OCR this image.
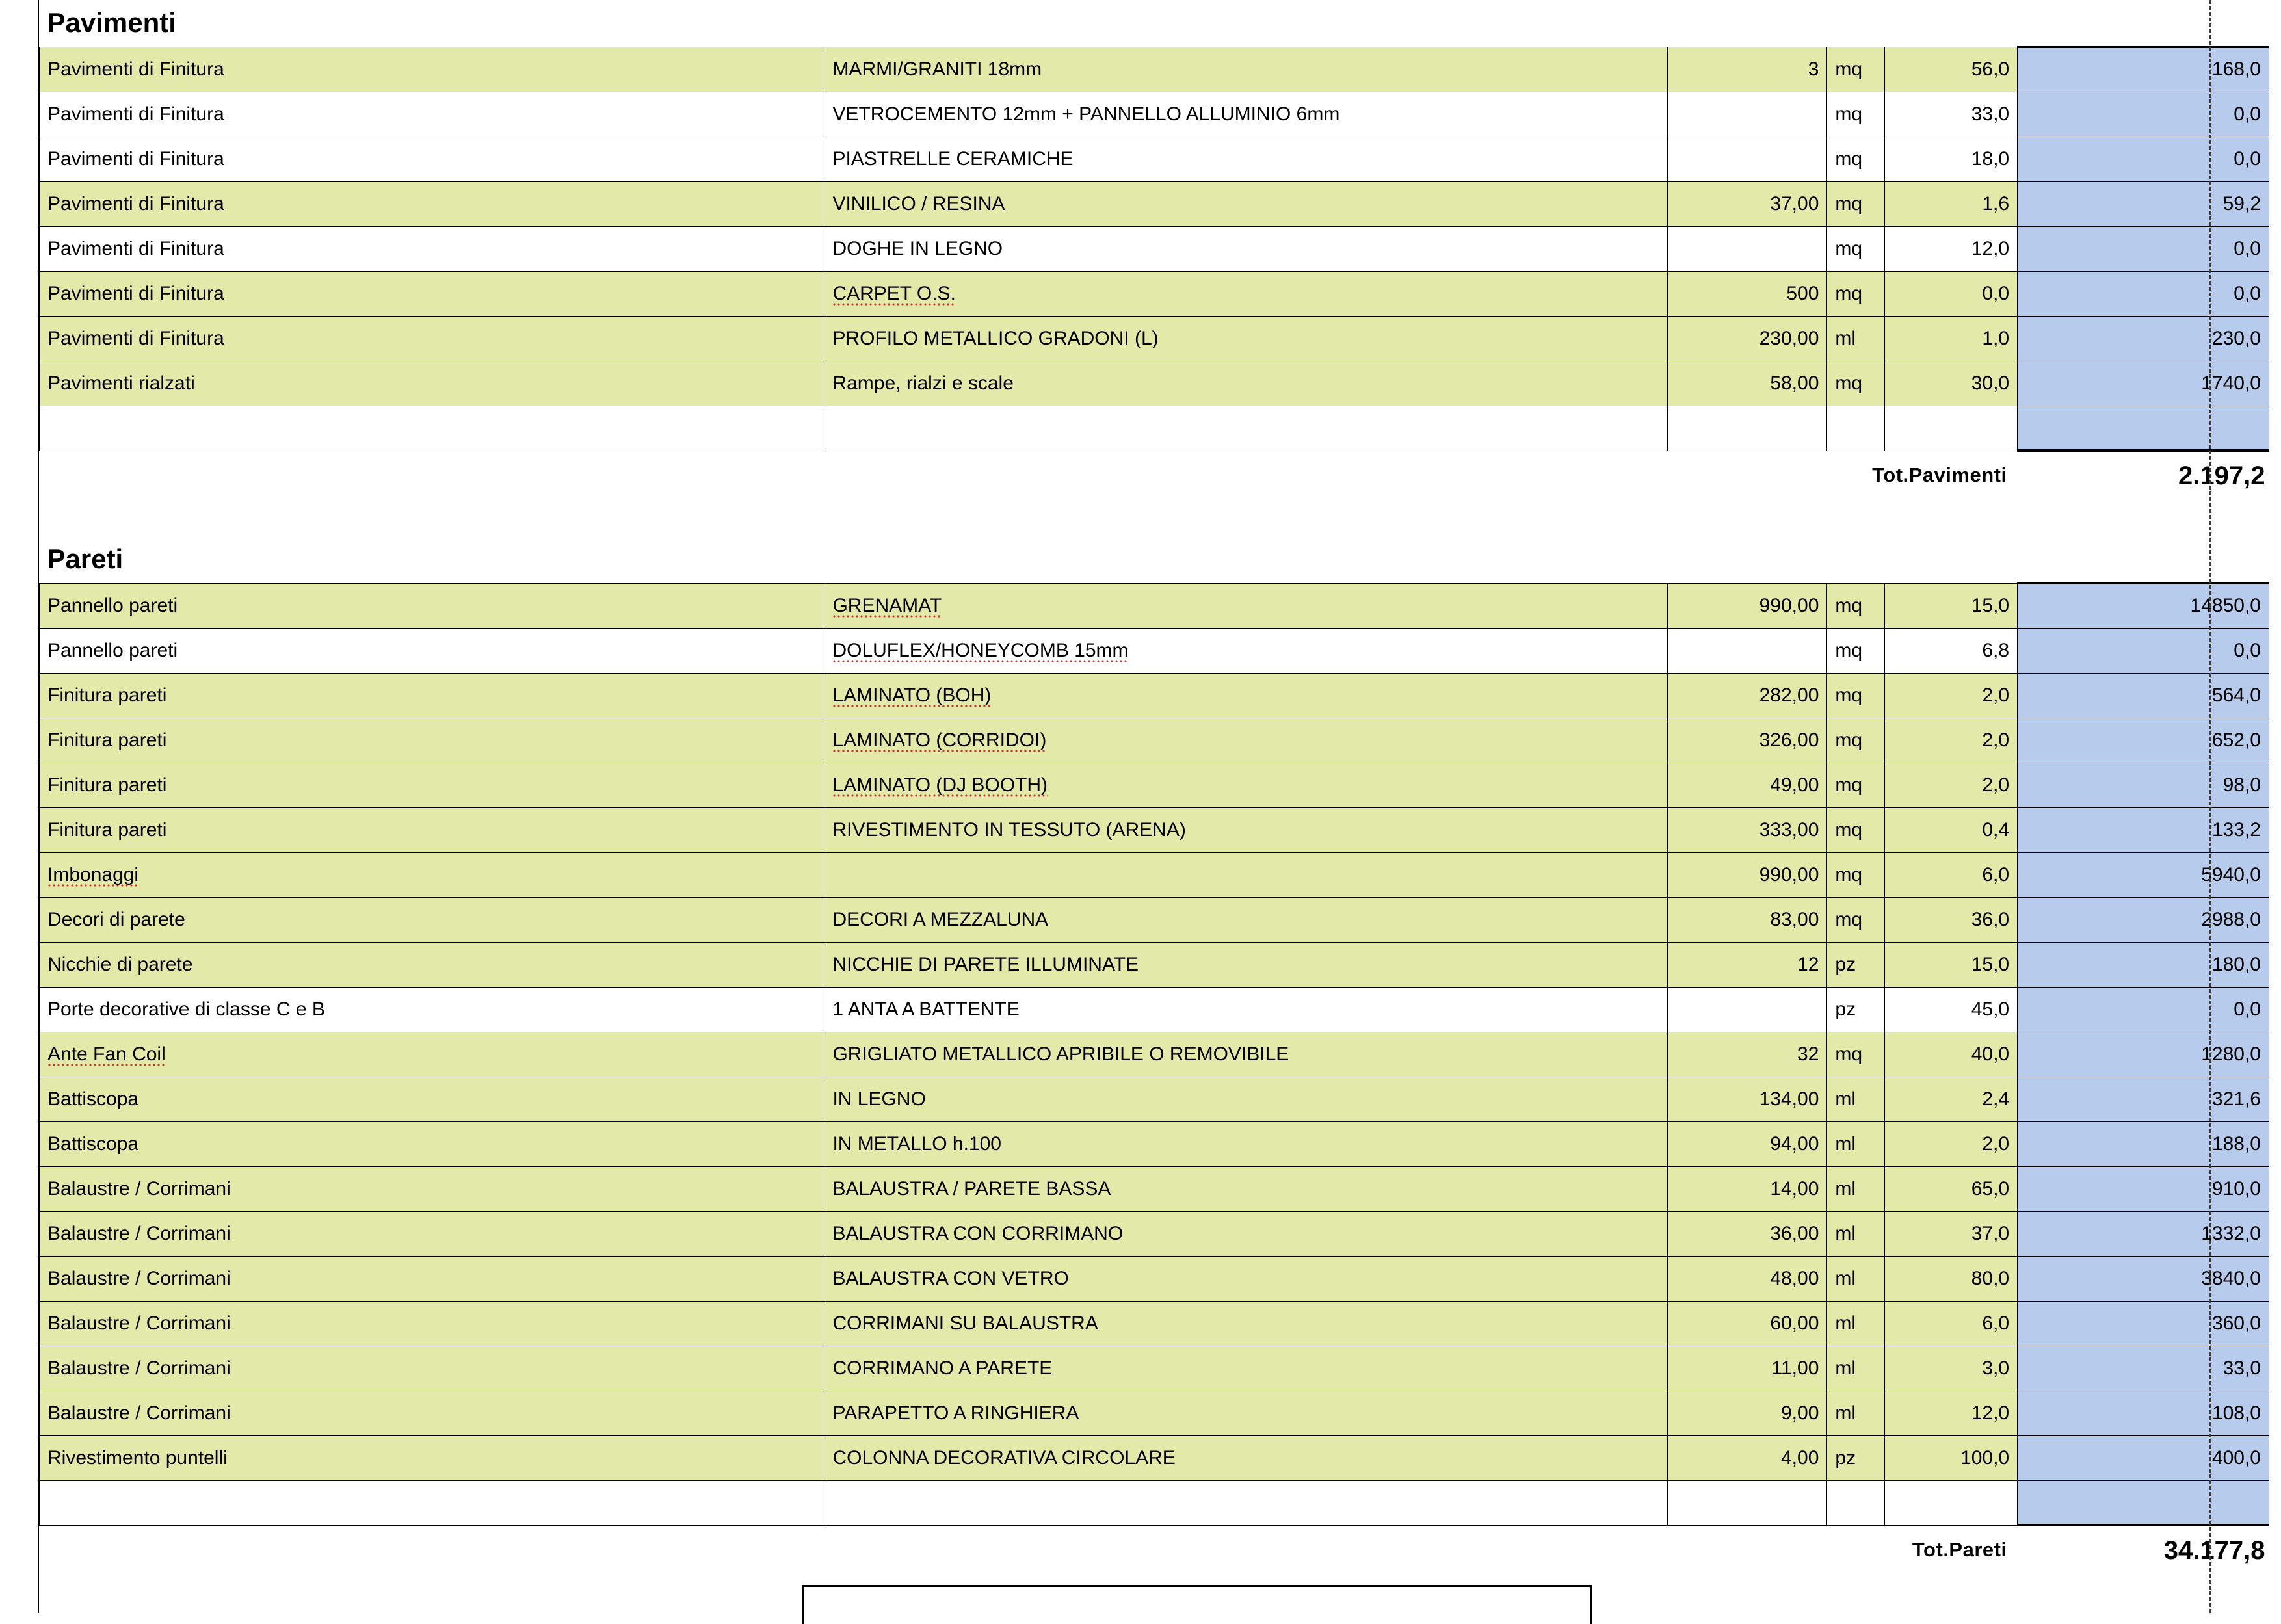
Pavimenti					
Pavimenti di Finitura	MARMI/GRANITI 18mm	3	mq	56,0	168,0
Pavimenti di Finitura	VETROCEMENTO 12mm + PANNELLO ALLUMINIO 6mm		mq	33,0	0,0
Pavimenti di Finitura	PIASTRELLE CERAMICHE		mq	18,0	0,0
Pavimenti di Finitura	VINILICO / RESINA	37,00	mq	1,6	59,2
Pavimenti di Finitura	DOGHE IN LEGNO		mq	12,0	0,0
Pavimenti di Finitura	CARPET O.S.	500	mq	0,0	0,0
Pavimenti di Finitura	PROFILO METALLICO GRADONI (L)	230,00	ml	1,0	230,0
Pavimenti rialzati	Rampe, rialzi e scale	58,00	mq	30,0	1740,0

			Tot.Pavimenti		2.197,2

Pareti					
Pannello pareti	GRENAMAT	990,00	mq	15,0	14850,0
Pannello pareti	DOLUFLEX/HONEYCOMB 15mm		mq	6,8	0,0
Finitura pareti	LAMINATO (BOH)	282,00	mq	2,0	564,0
Finitura pareti	LAMINATO (CORRIDOI)	326,00	mq	2,0	652,0
Finitura pareti	LAMINATO (DJ BOOTH)	49,00	mq	2,0	98,0
Finitura pareti	RIVESTIMENTO IN TESSUTO (ARENA)	333,00	mq	0,4	133,2
Imbonaggi		990,00	mq	6,0	5940,0
Decori di parete	DECORI A MEZZALUNA	83,00	mq	36,0	2988,0
Nicchie di parete	NICCHIE DI PARETE ILLUMINATE	12	pz	15,0	180,0
Porte decorative di classe C e B	1 ANTA A BATTENTE		pz	45,0	0,0
Ante Fan Coil	GRIGLIATO METALLICO APRIBILE O REMOVIBILE	32	mq	40,0	1280,0
Battiscopa	IN LEGNO	134,00	ml	2,4	321,6
Battiscopa	IN METALLO h.100	94,00	ml	2,0	188,0
Balaustre / Corrimani	BALAUSTRA / PARETE BASSA	14,00	ml	65,0	910,0
Balaustre / Corrimani	BALAUSTRA CON CORRIMANO	36,00	ml	37,0	1332,0
Balaustre / Corrimani	BALAUSTRA CON VETRO	48,00	ml	80,0	3840,0
Balaustre / Corrimani	CORRIMANI SU BALAUSTRA	60,00	ml	6,0	360,0
Balaustre / Corrimani	CORRIMANO A PARETE	11,00	ml	3,0	33,0
Balaustre / Corrimani	PARAPETTO A RINGHIERA	9,00	ml	12,0	108,0
Rivestimento puntelli	COLONNA DECORATIVA CIRCOLARE	4,00	pz	100,0	400,0

			Tot.Pareti		34.177,8
